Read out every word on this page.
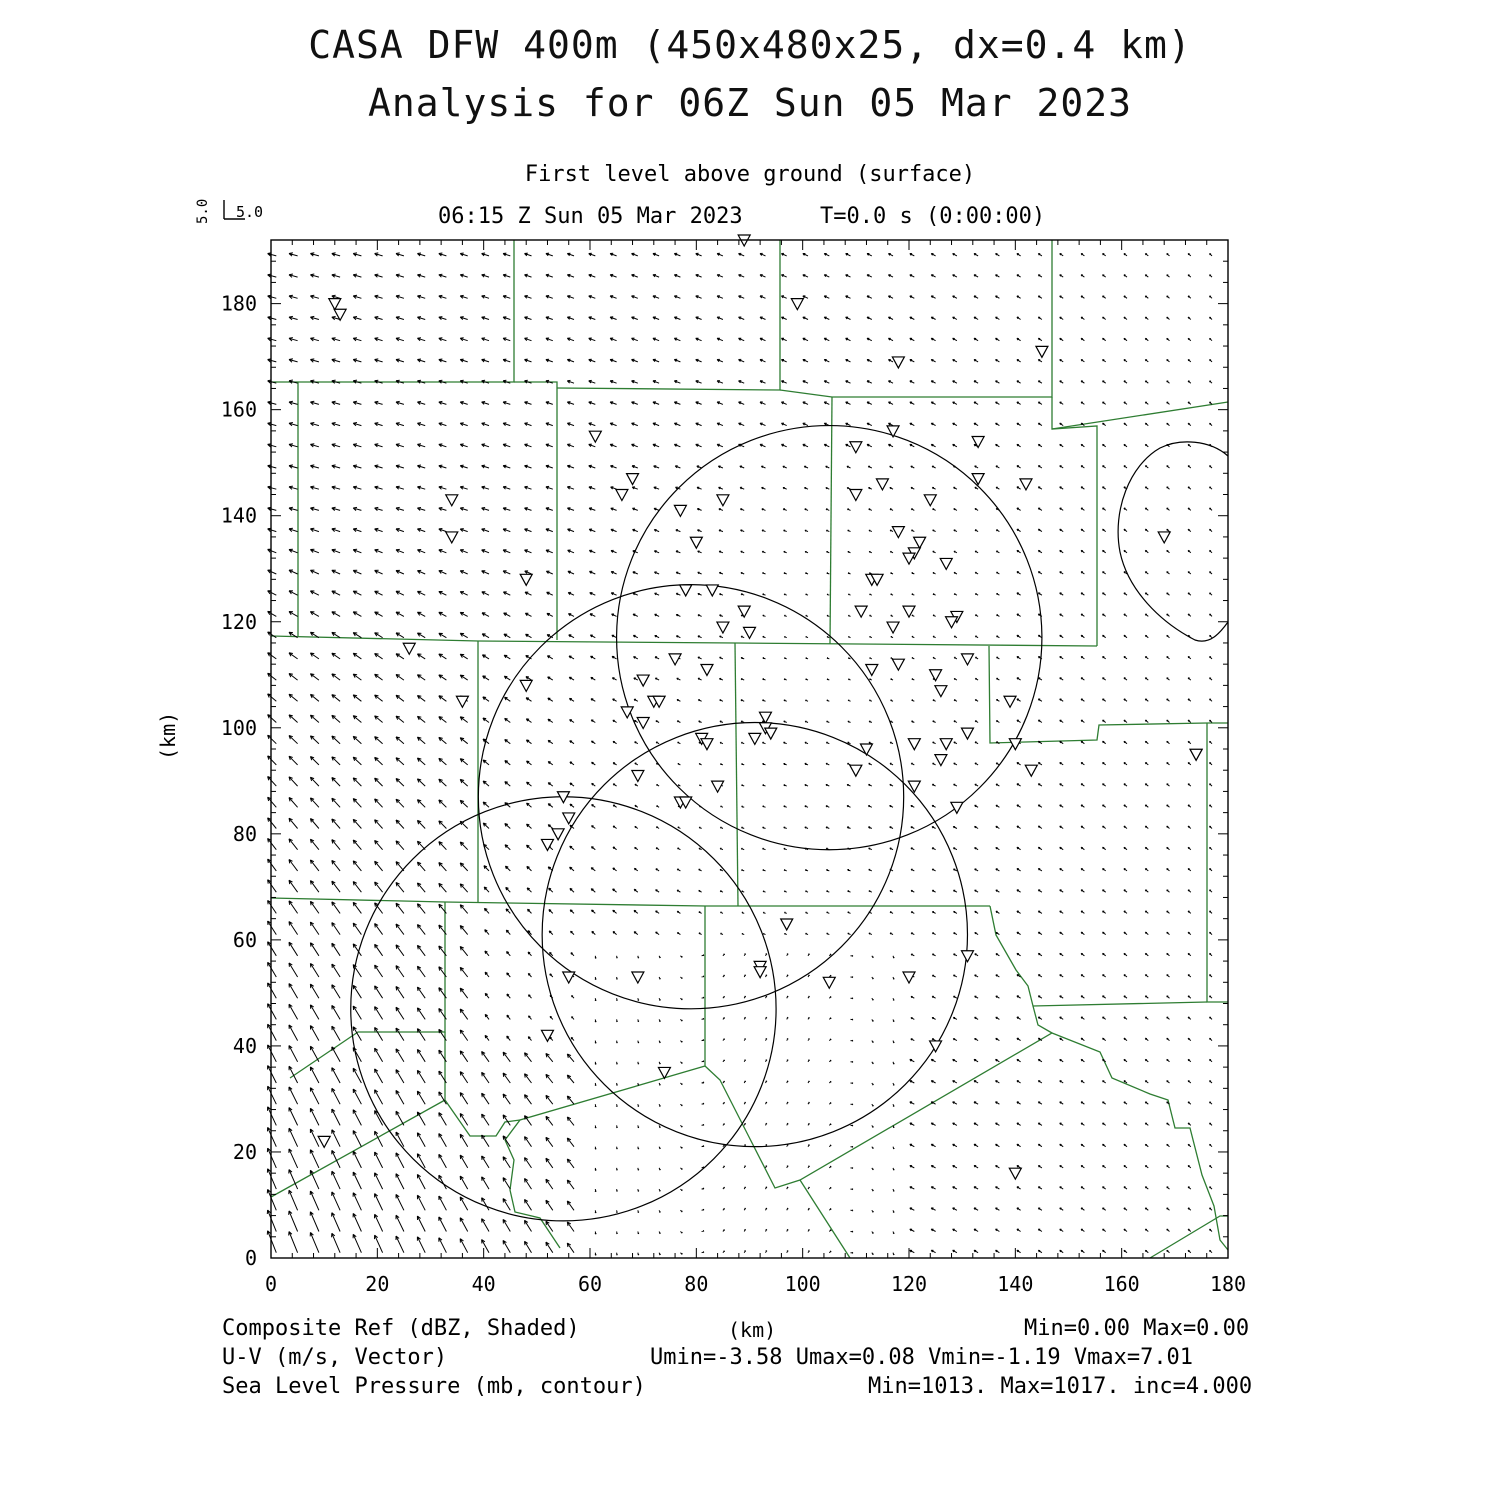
CASA DFW 400m (450x480x25, dx=0.4 km)
Analysis for 06Z Sun 05 Mar 2023
First level above ground (surface)
06:15 Z Sun 05 Mar 2023	T=0.0 s (0:00:00)
5.0 5.0
(km)
(km)
Composite Ref (dBZ, Shaded)	Min=0.00 Max=0.00
U-V (m/s, Vector)	Umin=-3.58 Umax=0.08 Vmin=-1.19 Vmax=7.01
Sea Level Pressure (mb, contour)	Min=1013. Max=1017. inc=4.000
0	20	40	60	80	100	120	140	160	180
0
20
40
60
80
100
120
140
160
180
